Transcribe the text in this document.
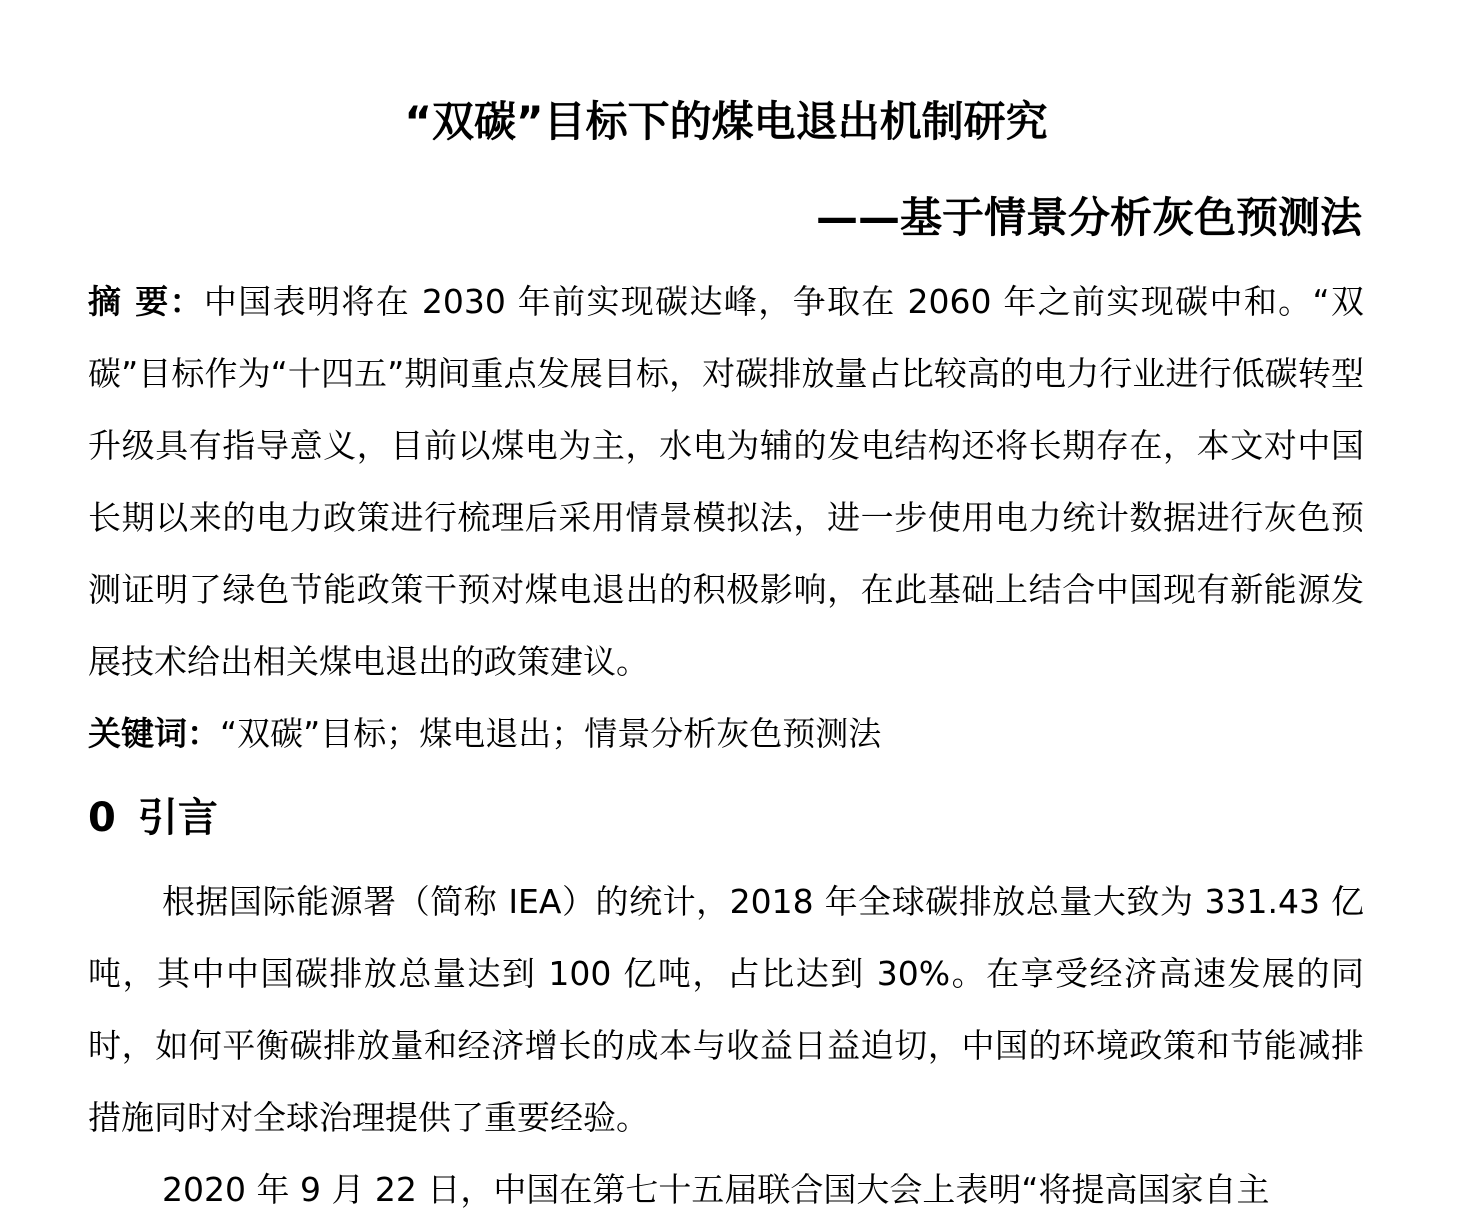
“双碳”目标下的煤电退出机制研究
——基于情景分析灰色预测法
摘 要：中国表明将在 2030 年前实现碳达峰，争取在 2060 年之前实现碳中和。“双碳”目标作为“十四五”期间重点发展目标，对碳排放量占比较高的电力行业进行低碳转型升级具有指导意义，目前以煤电为主，水电为辅的发电结构还将长期存在，本文对中国长期以来的电力政策进行梳理后采用情景模拟法，进一步使用电力统计数据进行灰色预测证明了绿色节能政策干预对煤电退出的积极影响，在此基础上结合中国现有新能源发展技术给出相关煤电退出的政策建议。
关键词：“双碳”目标；煤电退出；情景分析灰色预测法
0 引言
根据国际能源署（简称 IEA）的统计，2018 年全球碳排放总量大致为 331.43 亿吨，其中中国碳排放总量达到 100 亿吨，占比达到 30%。在享受经济高速发展的同时，如何平衡碳排放量和经济增长的成本与收益日益迫切，中国的环境政策和节能减排措施同时对全球治理提供了重要经验。
2020 年 9 月 22 日，中国在第七十五届联合国大会上表明“将提高国家自主
